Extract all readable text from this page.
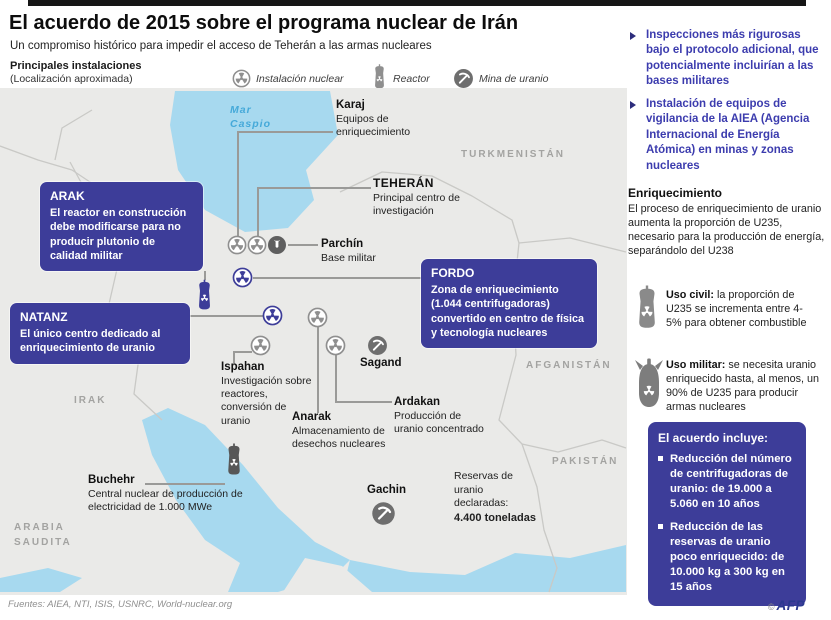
El acuerdo de 2015 sobre el programa nuclear de Irán
Un compromiso histórico para impedir el acceso de Teherán a las armas nucleares
Principales instalaciones
(Localización aproximada)	Instalación nuclear	Reactor	Mina de uranio
Mar Caspio
TURKMENISTÁN
AFGANISTÁN
PAKISTÁN
IRAK
ARABIA SAUDITA
ARAK

El reactor en construcción debe modificarse para no producir plutonio de calidad militar

NATANZ

El único centro dedicado al enriquecimiento de uranio

FORDO

Zona de enriquecimiento (1.044 centrifugadoras) convertido en centro de física y tecnología nucleares

Karaj
Equipos de enriquecimiento
TEHERÁN
Principal centro de investigación
Parchín
Base militar
Ispahan
Investigación sobre reactores, conversión de uranio
Sagand
Anarak
Almacenamiento de desechos nucleares
Ardakan
Producción de uranio concentrado
Buchehr
Central nuclear de producción de electricidad de 1.000 MWe
Gachin
Reservas de uranio declaradas:
4.400 toneladas
Inspecciones más rigurosas bajo el protocolo adicional, que potencialmente incluirían a las bases militares
Instalación de equipos de vigilancia de la AIEA (Agencia Internacional de Energía Atómica) en minas y zonas nucleares
Enriquecimiento
El proceso de enriquecimiento de uranio aumenta la proporción de U235, necesario para la producción de energía, separándolo del U238
Uso civil: la proporción de U235 se incrementa entre 4-5% para obtener combustible
Uso militar: se necesita uranio enriquecido hasta, al menos, un 90% de U235 para producir armas nucleares
El acuerdo incluye:
Reducción del número de centrifugadoras de uranio: de 19.000 a 5.060 en 10 años
Reducción de las reservas de uranio poco enriquecido: de 10.000 kg a 300 kg en 15 años
Fuentes: AIEA, NTI, ISIS, USNRC, World-nuclear.org	© AFP
